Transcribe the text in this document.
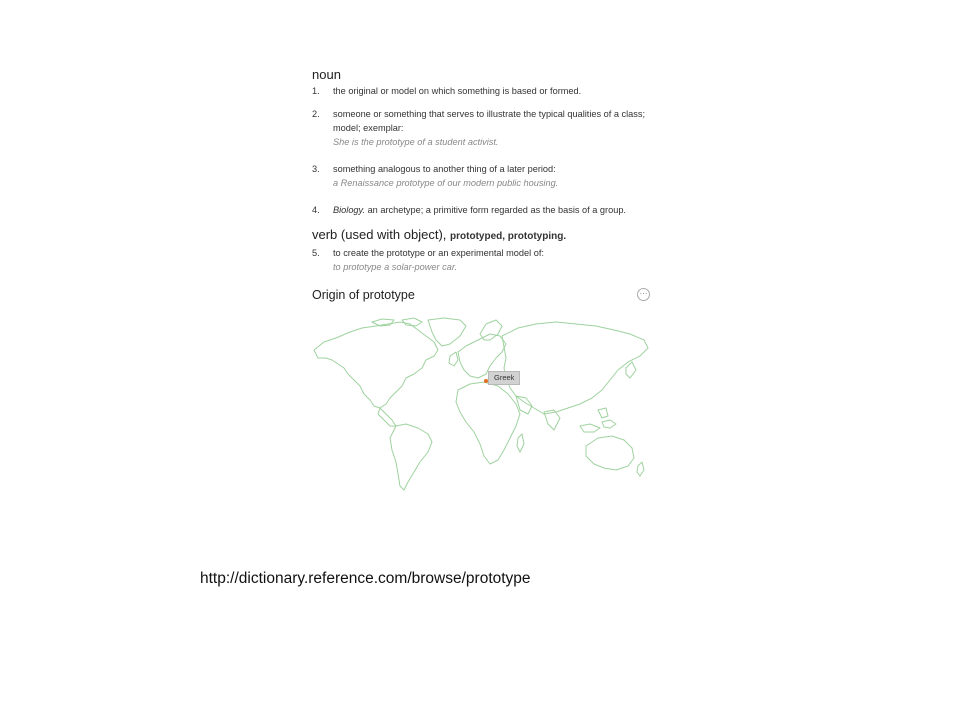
noun
1.	the original or model on which something is based or formed.
2.	someone or something that serves to illustrate the typical qualities of a class; model; exemplar:
She is the prototype of a student activist.
3.	something analogous to another thing of a later period:
a Renaissance prototype of our modern public housing.
4.	Biology. an archetype; a primitive form regarded as the basis of a group.
verb (used with object), prototyped, prototyping.
5.	to create the prototype or an experimental model of:
to prototype a solar-power car.
Origin of prototype	···
Greek
http://dictionary.reference.com/browse/prototype
